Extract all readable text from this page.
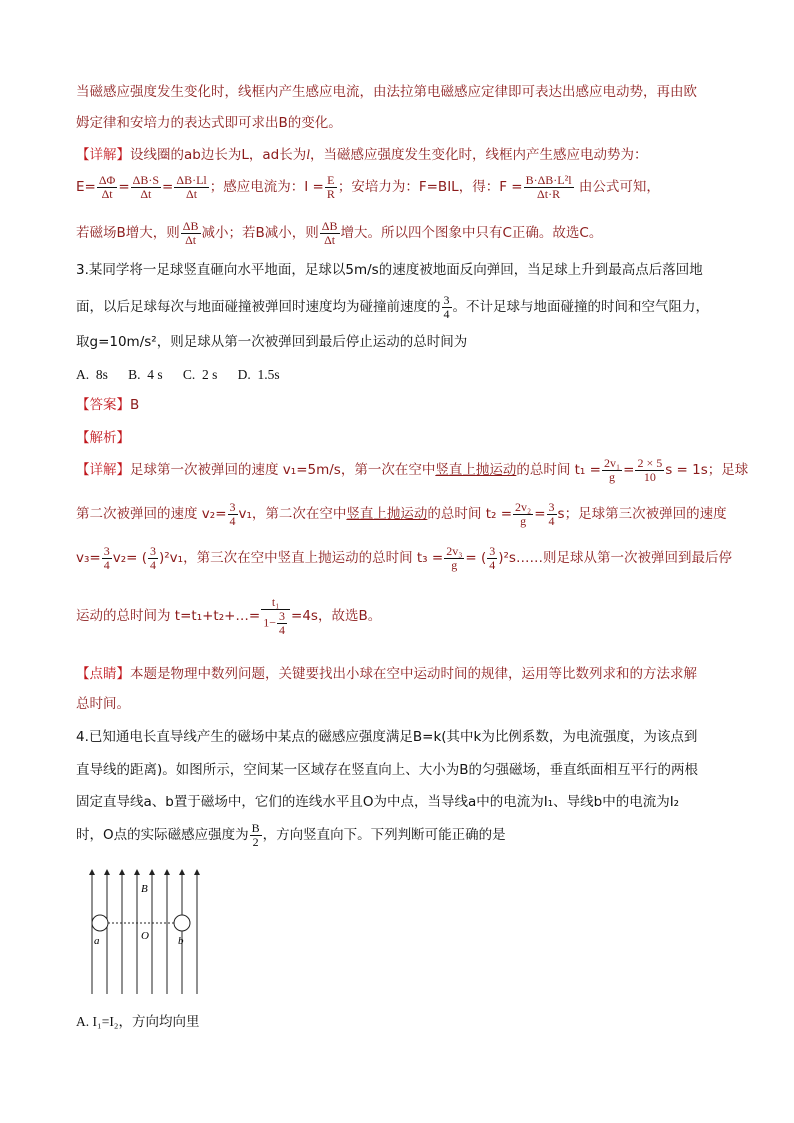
当磁感应强度发生变化时，线框内产生感应电流，由法拉第电磁感应定律即可表达出感应电动势，再由欧
姆定律和安培力的表达式即可求出B的变化。
【详解】设线圈的ab边长为L，ad长为l，当磁感应强度发生变化时，线框内产生感应电动势为：
$E= \frac{\Delta\Phi}{\Delta t} = \frac{\Delta B\cdot S}{\Delta t} = \frac{\Delta B\cdot Ll}{\Delta t}$ ；感应电流为：$I = \frac{E}{R}$ ；安培力为：F=BIL，得：$F = \frac{\text{B·ΔB·L²l}}{\Delta t\cdot R}$ 由公式可知，
若磁场B增大，则 $\frac{\Delta B}{\Delta t}$ 减小；若B减小，则 $\frac{\Delta B}{\Delta t}$ 增大。所以四个图象中只有C正确。故选C。
3.某同学将一足球竖直砸向水平地面，足球以5m/s的速度被地面反向弹回，当足球上升到最高点后落回地
面，以后足球每次与地面碰撞被弹回时速度均为碰撞前速度的 $\frac{3}{4}$ 。不计足球与地面碰撞的时间和空气阻力，
取g=10m/s²，则足球从第一次被弹回到最后停止运动的总时间为
A.  8s      B.  4 s      C.  2 s      D.  1.5s
【答案】B
【解析】
【详解】足球第一次被弹回的速度 v₁=5m/s，第一次在空中竖直上抛运动的总时间 $t_1 = \frac{\text{2v₁}}{g} = \frac{2 \times 5}{10}$ s = 1s；足球
第二次被弹回的速度 $v_2= \frac{3}{4} v_1$，第二次在空中竖直上抛运动的总时间 $t_2 = \frac{\text{2v₂}}{g} = \frac{3}{4}$ s；足球第三次被弹回的速度
$v_3= \frac{3}{4} v_2=$ ( $\frac{3}{4} )^2v_1$，第三次在空中竖直上抛运动的总时间 $t_3 = \frac{\text{2v₃}}{g}$ = ( $\frac{3}{4}$ )²s……则足球从第一次被弹回到最后停
运动的总时间为 t=t₁+t₂+…= $\frac{\text{t₁}}{1- \frac{3}{4}} =4s$，故选B。
【点睛】本题是物理中数列问题，关键要找出小球在空中运动时间的规律，运用等比数列求和的方法求解
总时间。
4.已知通电长直导线产生的磁场中某点的磁感应强度满足B=k(其中k为比例系数，为电流强度，为该点到
直导线的距离)。如图所示，空间某一区域存在竖直向上、大小为B的匀强磁场，垂直纸面相互平行的两根
固定直导线a、b置于磁场中，它们的连线水平且O为中点，当导线a中的电流为I₁、导线b中的电流为I₂
时，O点的实际磁感应强度为 $\frac{B}{2}$ ，方向竖直向下。下列判断可能正确的是
B
a	O	b
A. I₁=I₂，方向均向里
